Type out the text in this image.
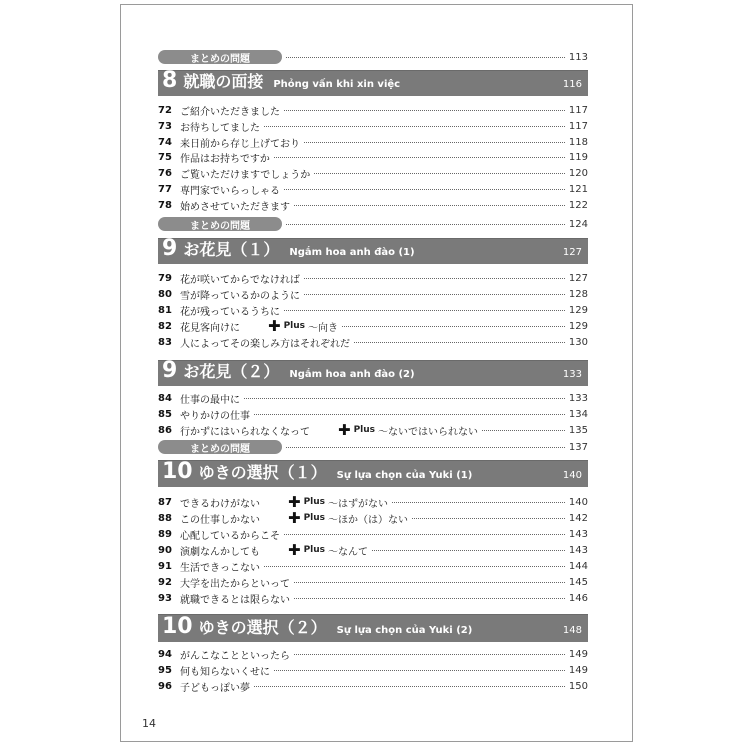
まとめの問題	113
8 就職の面接 Phỏng vấn khi xin việc	116
72 ご紹介いただきました	117
73 お待ちしてました	117
74 来日前から存じ上げており	118
75 作品はお持ちですか	119
76 ご覧いただけますでしょうか	120
77 専門家でいらっしゃる	121
78 始めさせていただきます	122
まとめの問題	124
9 お花見（１） Ngắm hoa anh đào (1)	127
79 花が咲いてからでなければ	127
80 雪が降っているかのように	128
81 花が残っているうちに	129
82 花見客向けに ✚ Plus ～向き	129
83 人によってその楽しみ方はそれぞれだ	130
9 お花見（２） Ngắm hoa anh đào (2)	133
84 仕事の最中に	133
85 やりかけの仕事	134
86 行かずにはいられなくなって ✚ Plus ～ないではいられない	135
まとめの問題	137
10 ゆきの選択（１） Sự lựa chọn của Yuki (1)	140
87 できるわけがない ✚ Plus ～はずがない	140
88 この仕事しかない ✚ Plus ～ほか（は）ない	142
89 心配しているからこそ	143
90 演劇なんかしても ✚ Plus ～なんて	143
91 生活できっこない	144
92 大学を出たからといって	145
93 就職できるとは限らない	146
10 ゆきの選択（２） Sự lựa chọn của Yuki (2)	148
94 がんこなことといったら	149
95 何も知らないくせに	149
96 子どもっぽい夢	150
14
